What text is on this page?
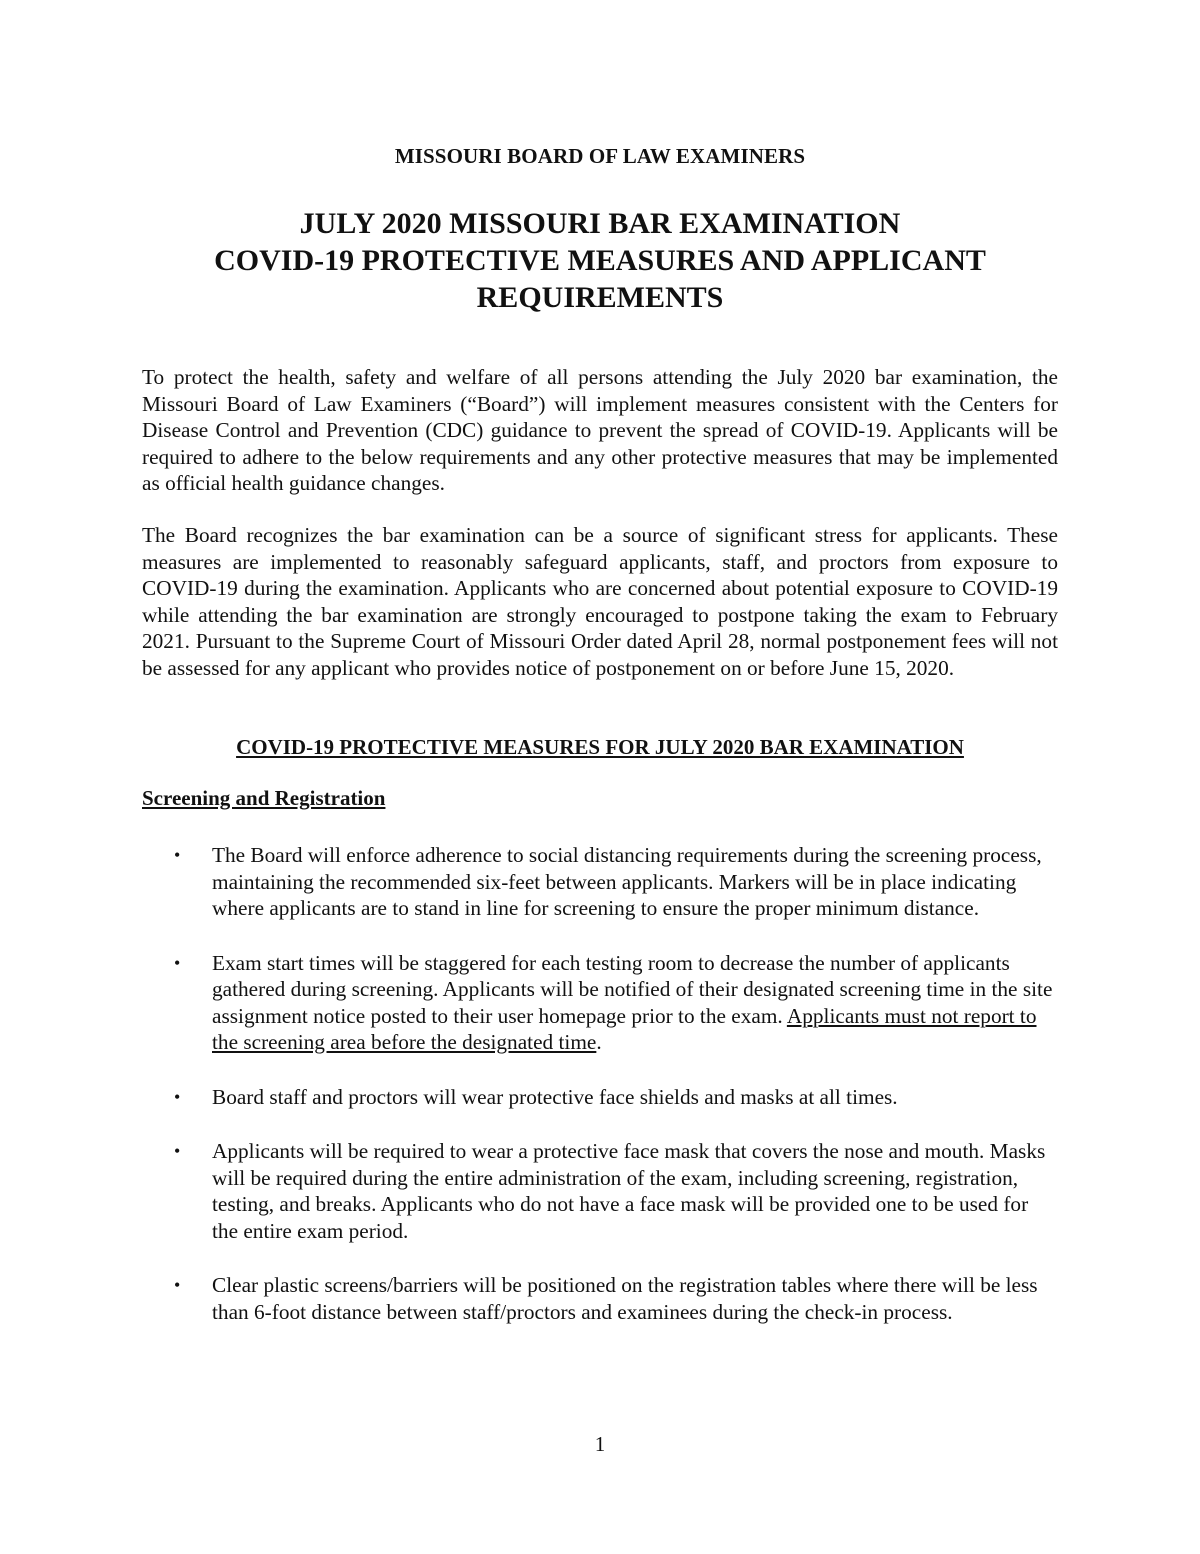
MISSOURI BOARD OF LAW EXAMINERS
JULY 2020 MISSOURI BAR EXAMINATION
COVID-19 PROTECTIVE MEASURES AND APPLICANT
REQUIREMENTS

To protect the health, safety and welfare of all persons attending the July 2020 bar examination, the Missouri Board of Law Examiners (“Board”) will implement measures consistent with the Centers for Disease Control and Prevention (CDC) guidance to prevent the spread of COVID-19. Applicants will be required to adhere to the below requirements and any other protective measures that may be implemented as official health guidance changes.

The Board recognizes the bar examination can be a source of significant stress for applicants. These measures are implemented to reasonably safeguard applicants, staff, and proctors from exposure to COVID-19 during the examination. Applicants who are concerned about potential exposure to COVID-19 while attending the bar examination are strongly encouraged to postpone taking the exam to February 2021. Pursuant to the Supreme Court of Missouri Order dated April 28, normal postponement fees will not be assessed for any applicant who provides notice of postponement on or before June 15, 2020.

COVID-19 PROTECTIVE MEASURES FOR JULY 2020 BAR EXAMINATION
Screening and Registration
• The Board will enforce adherence to social distancing requirements during the screening process, maintaining the recommended six-feet between applicants. Markers will be in place indicating where applicants are to stand in line for screening to ensure the proper minimum distance.
• Exam start times will be staggered for each testing room to decrease the number of applicants gathered during screening. Applicants will be notified of their designated screening time in the site assignment notice posted to their user homepage prior to the exam. Applicants must not report to the screening area before the designated time.
• Board staff and proctors will wear protective face shields and masks at all times.
• Applicants will be required to wear a protective face mask that covers the nose and mouth. Masks will be required during the entire administration of the exam, including screening, registration, testing, and breaks. Applicants who do not have a face mask will be provided one to be used for the entire exam period.
• Clear plastic screens/barriers will be positioned on the registration tables where there will be less than 6-foot distance between staff/proctors and examinees during the check-in process.
1
